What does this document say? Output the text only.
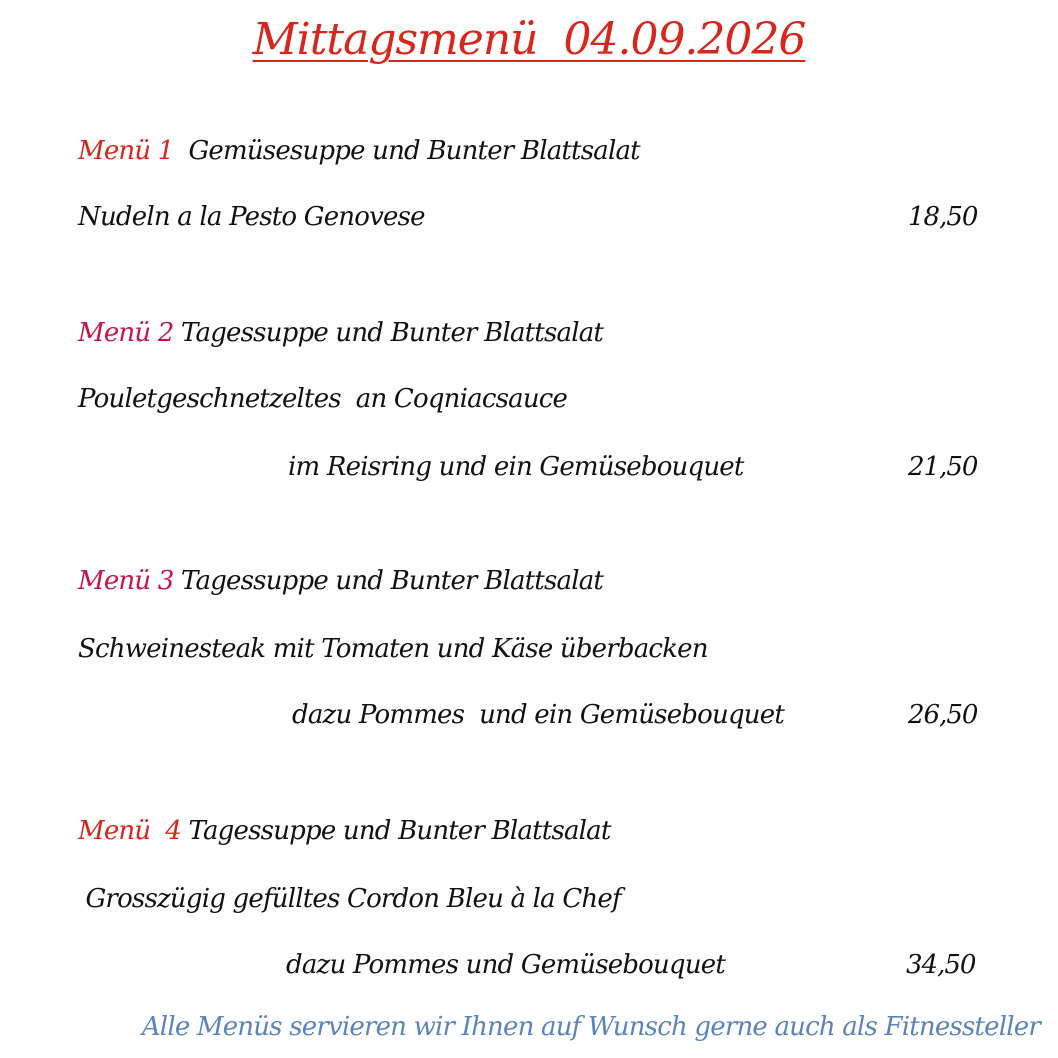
Mittagsmenü  04.09.2026
Menü 1  Gemüsesuppe und Bunter Blattsalat
Nudeln a la Pesto Genovese	18,50
Menü 2 Tagessuppe und Bunter Blattsalat
Pouletgeschnetzeltes  an Coqniacsauce
im Reisring und ein Gemüsebouquet	21,50
Menü 3 Tagessuppe und Bunter Blattsalat
Schweinesteak mit Tomaten und Käse überbacken
dazu Pommes  und ein Gemüsebouquet	26,50
Menü  4 Tagessuppe und Bunter Blattsalat
Grosszügig gefülltes Cordon Bleu à la Chef
dazu Pommes und Gemüsebouquet	34,50
Alle Menüs servieren wir Ihnen auf Wunsch gerne auch als Fitnessteller
